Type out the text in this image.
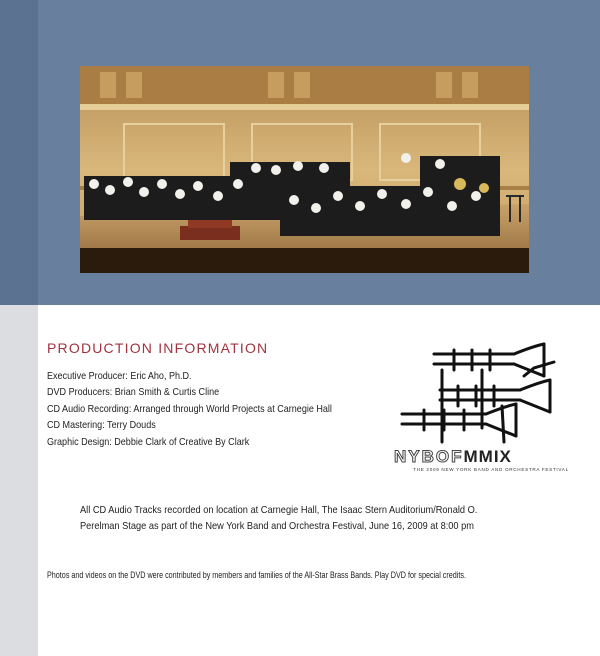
PRODUCTION INFORMATION
Executive Producer: Eric Aho, Ph.D.
DVD Producers: Brian Smith & Curtis Cline
CD Audio Recording: Arranged through World Projects at Carnegie Hall
CD Mastering: Terry Douds
Graphic Design: Debbie Clark of Creative By Clark
NYBOFMMIX
THE 2009 NEW YORK BAND AND ORCHESTRA FESTIVAL

All CD Audio Tracks recorded on location at Carnegie Hall, The Isaac Stern Auditorium/Ronald O. Perelman Stage as part of the New York Band and Orchestra Festival, June 16, 2009 at 8:00 pm

Photos and videos on the DVD were contributed by members and families of the All-Star Brass Bands. Play DVD for special credits.
